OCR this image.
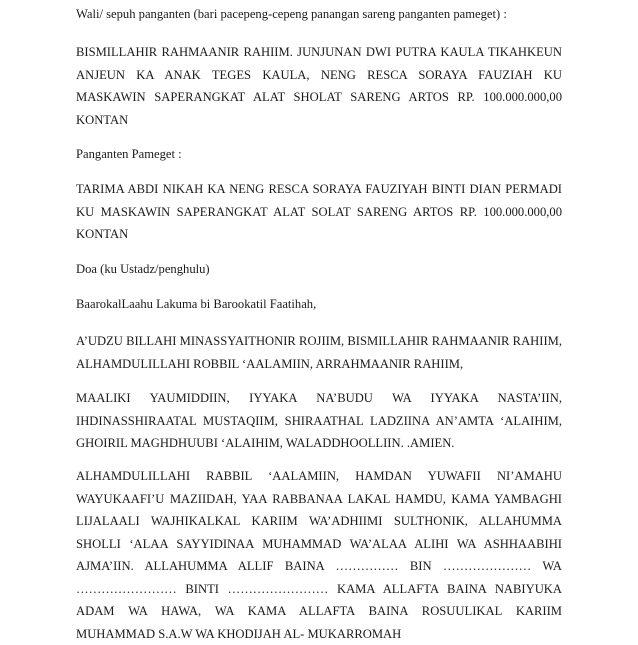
Wali/ sepuh panganten (bari pacepeng-cepeng panangan sareng panganten pameget) :

BISMILLAHIR RAHMAANIR RAHIIM. JUNJUNAN DWI PUTRA KAULA TIKAHKEUN
ANJEUN KA ANAK TEGES KAULA, NENG RESCA SORAYA FAUZIAH KU
MASKAWIN SAPERANGKAT ALAT SHOLAT SARENG ARTOS RP. 100.000.000,00
KONTAN

Panganten Pameget :

TARIMA ABDI NIKAH KA NENG RESCA SORAYA FAUZIYAH BINTI DIAN PERMADI
KU MASKAWIN SAPERANGKAT ALAT SOLAT SARENG ARTOS RP. 100.000.000,00
KONTAN

Doa (ku Ustadz/penghulu)

BaarokalLaahu Lakuma bi Barookatil Faatihah,

A’UDZU BILLAHI MINASSYAITHONIR ROJIIM, BISMILLAHIR RAHMAANIR RAHIIM,
ALHAMDULILLAHI ROBBIL ‘AALAMIIN, ARRAHMAANIR RAHIIM,

MAALIKI YAUMIDDIIN, IYYAKA NA’BUDU WA IYYAKA NASTA’IIN,
IHDINASSHIRAATAL MUSTAQIIM, SHIRAATHAL LADZIINA AN’AMTA ‘ALAIHIM,
GHOIRIL MAGHDHUUBI ‘ALAIHIM, WALADDHOOLLIIN. .AMIEN.

ALHAMDULILLAHI RABBIL ‘AALAMIIN, HAMDAN YUWAFII NI’AMAHU
WAYUKAAFI’U MAZIIDAH, YAA RABBANAA LAKAL HAMDU, KAMA YAMBAGHI
LIJALAALI WAJHIKALKAL KARIIM WA’ADHIIMI SULTHONIK, ALLAHUMMA
SHOLLI ‘ALAA SAYYIDINAA MUHAMMAD WA’ALAA ALIHI WA ASHHAABIHI
AJMA’IIN. ALLAHUMMA ALLIF BAINA …………… BIN ………………… WA
…………………… BINTI …………………… KAMA ALLAFTA BAINA NABIYUKA
ADAM WA HAWA, WA KAMA ALLAFTA BAINA ROSUULIKAL KARIIM
MUHAMMAD S.A.W WA KHODIJAH AL- MUKARROMAH
